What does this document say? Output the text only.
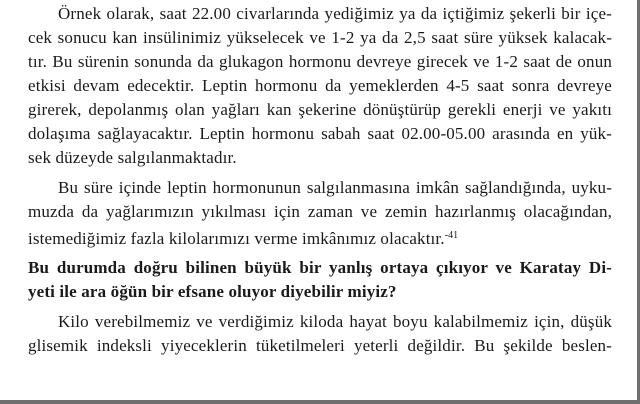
Örnek olarak, saat 22.00 civarlarında yediğimiz ya da içtiğimiz şekerli bir içe-
cek sonucu kan insülinimiz yükselecek ve 1-2 ya da 2,5 saat süre yüksek kalacak-
tır. Bu sürenin sonunda da glukagon hormonu devreye girecek ve 1-2 saat de onun
etkisi devam edecektir. Leptin hormonu da yemeklerden 4-5 saat sonra devreye
girerek, depolanmış olan yağları kan şekerine dönüştürüp gerekli enerji ve yakıtı
dolaşıma sağlayacaktır. Leptin hormonu sabah saat 02.00-05.00 arasında en yük-
sek düzeyde salgılanmaktadır.
Bu süre içinde leptin hormonunun salgılanmasına imkân sağlandığında, uyku-
muzda da yağlarımızın yıkılması için zaman ve zemin hazırlanmış olacağından,
istemediğimiz fazla kilolarımızı verme imkânımız olacaktır.$^{-41}$
Bu durumda doğru bilinen büyük bir yanlış ortaya çıkıyor ve Karatay Di-
yeti ile ara öğün bir efsane oluyor diyebilir miyiz?
Kilo verebilmemiz ve verdiğimiz kiloda hayat boyu kalabilmemiz için, düşük
glisemik indeksli yiyeceklerin tüketilmeleri yeterli değildir. Bu şekilde beslen-
